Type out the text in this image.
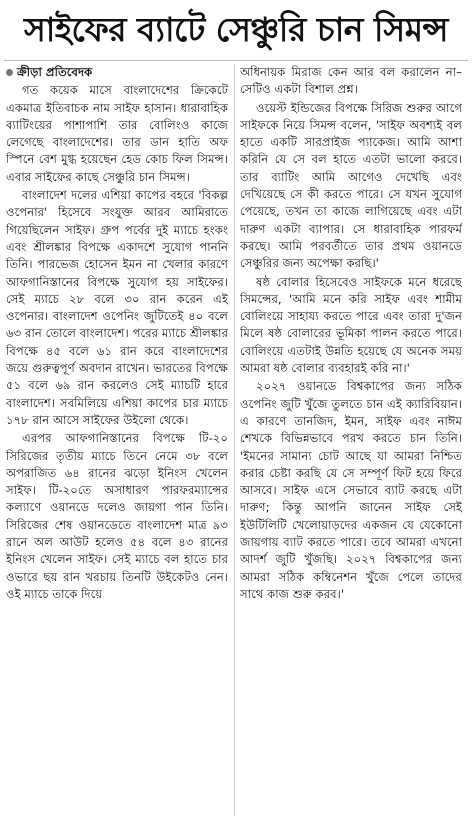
সাইফের ব্যাটে সেঞ্চুরি চান সিমন্স
ক্রীড়া প্রতিবেদক

গত কয়েক মাসে বাংলাদেশের ক্রিকেটে একমাত্র ইতিবাচক নাম সাইফ হাসান। ধারাবাহিক ব্যাটিংয়ের পাশাপাশি তার বোলিংও কাজে লেগেছে বাংলাদেশের। তার ডান হাতি অফ স্পিনে বেশ মুগ্ধ হয়েছেন হেড কোচ ফিল সিমন্স। এবার সাইফের কাছে সেঞ্চুরি চান সিমন্স।

বাংলাদেশ দলের এশিয়া কাপের বহরে 'বিকল্প ওপেনার' হিসেবে সংযুক্ত আরব আমিরাতে গিয়েছিলেন সাইফ। গ্রুপ পর্বের দুই ম্যাচে হংকং এবং শ্রীলঙ্কার বিপক্ষে একাদশে সুযোগ পাননি তিনি। পারভেজ হোসেন ইমন না খেলার কারণে আফগানিস্তানের বিপক্ষে সুযোগ হয় সাইফের। সেই ম্যাচে ২৮ বলে ৩০ রান করেন এই ওপেনার। বাংলাদেশ ওপেনিং জুটিতেই ৪০ বলে ৬৩ রান তোলে বাংলাদেশ। পরের ম্যাচে শ্রীলঙ্কার বিপক্ষে ৪৫ বলে ৬১ রান করে বাংলাদেশের জয়ে গুরুত্বপূর্ণ অবদান রাখেন। ভারতের বিপক্ষে ৫১ বলে ৬৯ রান করলেও সেই ম্যাচটি হারে বাংলাদেশ। সবমিলিয়ে এশিয়া কাপের চার ম্যাচে ১৭৮ রান আসে সাইফের উইলো থেকে।

এরপর আফগানিস্তানের বিপক্ষে টি-২০ সিরিজের তৃতীয় ম্যাচে তিনে নেমে ৩৮ বলে অপরাজিত ৬৪ রানের ঝড়ো ইনিংস খেলেন সাইফ। টি-২০তে অসাধারণ পারফরম্যান্সের কল্যাণে ওয়ানডে দলেও জায়গা পান তিনি। সিরিজের শেষ ওয়ানডেতে বাংলাদেশ মাত্র ৯৩ রানে অল আউট হলেও ৫৪ বলে ৪৩ রানের ইনিংস খেলেন সাইফ। সেই ম্যাচে বল হাতে চার ওভারে ছয় রান খরচায় তিনটি উইকেটও নেন। ওই ম্যাচে তাকে দিয়ে

অধিনায়ক মিরাজ কেন আর বল করালেন না– সেটিও একটা বিশাল প্রশ্ন।

ওয়েস্ট ইন্ডিজের বিপক্ষে সিরিজ শুরুর আগে সাইফকে নিয়ে সিমন্স বলেন, 'সাইফ অবশ্যই বল হাতে একটি সারপ্রাইজ প্যাকেজ। আমি আশা করিনি যে সে বল হাতে এতটা ভালো করবে। তার ব্যাটিং আমি আগেও দেখেছি এবং দেখিয়েছে সে কী করতে পারে। সে যখন সুযোগ পেয়েছে, তখন তা কাজে লাগিয়েছে এবং এটা দারুণ একটা ব্যাপার। সে ধারাবাহিক পারফর্ম করছে। আমি পরবর্তীতে তার প্রথম ওয়ানডে সেঞ্চুরির জন্য অপেক্ষা করছি।'

ষষ্ঠ বোলার হিসেবেও সাইফকে মনে ধরেছে সিমন্সের, 'আমি মনে করি সাইফ এবং শামীম বোলিংয়ে সাহায্য করতে পারে এবং তারা দু'জন মিলে ষষ্ঠ বোলারের ভূমিকা পালন করতে পারে। বোলিংয়ে এতটাই উন্নতি হয়েছে যে অনেক সময় আমরা ষষ্ঠ বোলার ব্যবহারই করি না।'

২০২৭ ওয়ানডে বিশ্বকাপের জন্য সঠিক ওপেনিং জুটি খুঁজে তুলতে চান এই ক্যারিবিয়ান। এ কারণে তানজিদ, ইমন, সাইফ এবং নাঈম শেখকে বিভিন্নভাবে পরখ করতে চান তিনি। 'ইমনের সামান্য চোট আছে যা আমরা নিশ্চিত করার চেষ্টা করছি যে সে সম্পূর্ণ ফিট হয়ে ফিরে আসবে। সাইফ এসে সেভাবে ব্যাট করছে এটা দারুণ; কিন্তু আপনি জানেন সাইফ সেই ইউটিলিটি খেলোয়াড়দের একজন যে যেকোনো জায়গায় ব্যাট করতে পারে। তবে আমরা এখনো আদর্শ জুটি খুঁজছি। ২০২৭ বিশ্বকাপের জন্য আমরা সঠিক কম্বিনেশন খুঁজে পেলে তাদের সাথে কাজ শুরু করব।'
